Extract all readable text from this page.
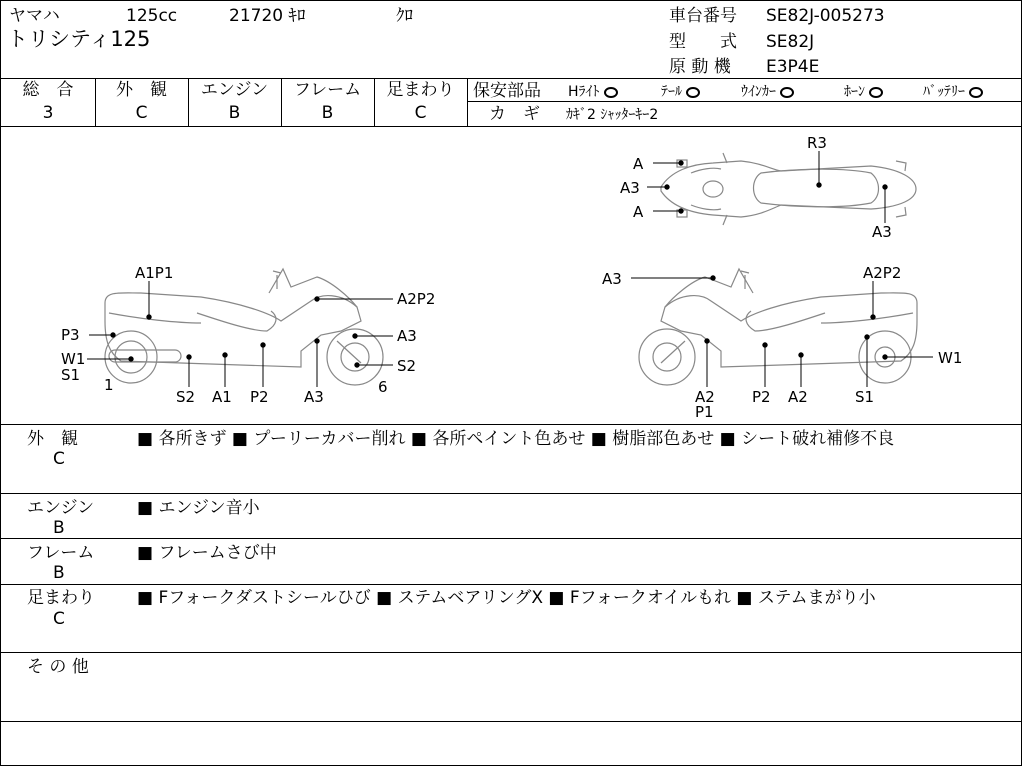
ヤマハ	125cc	21720 ｷﾛ	ｸﾛ
トリシティ125
車台番号 SE82J-005273
型　　式 SE82J
原 動 機 E3P4E
総　合
3
外　観
C
エンジン
B
フレーム
B
足まわり
C
保安部品 Hﾗｲﾄ	ﾃｰﾙ	ｳｲﾝｶｰ	ﾎｰﾝ	ﾊﾞｯﾃﾘｰ
カ　ギ ｶｷﾞ2 ｼｬｯﾀｰｷｰ2
A
A3
A
R3
A3
A1P1
A2P2
P3	A3
W1
S1
1
S2 A1 P2 A3
S2
6
A3	A2P2
W1
A2
P1
P2 A2	S1
外　観
C
■ 各所きず ■ プーリーカバー削れ ■ 各所ペイント色あせ ■ 樹脂部色あせ ■ シート破れ補修不良
エンジン
B
■ エンジン音小
フレーム
B
■ フレームさび中
足まわり
C
■ Fフォークダストシールひび ■ ステムベアリングX ■ Fフォークオイルもれ ■ ステムまがり小
そ の 他
